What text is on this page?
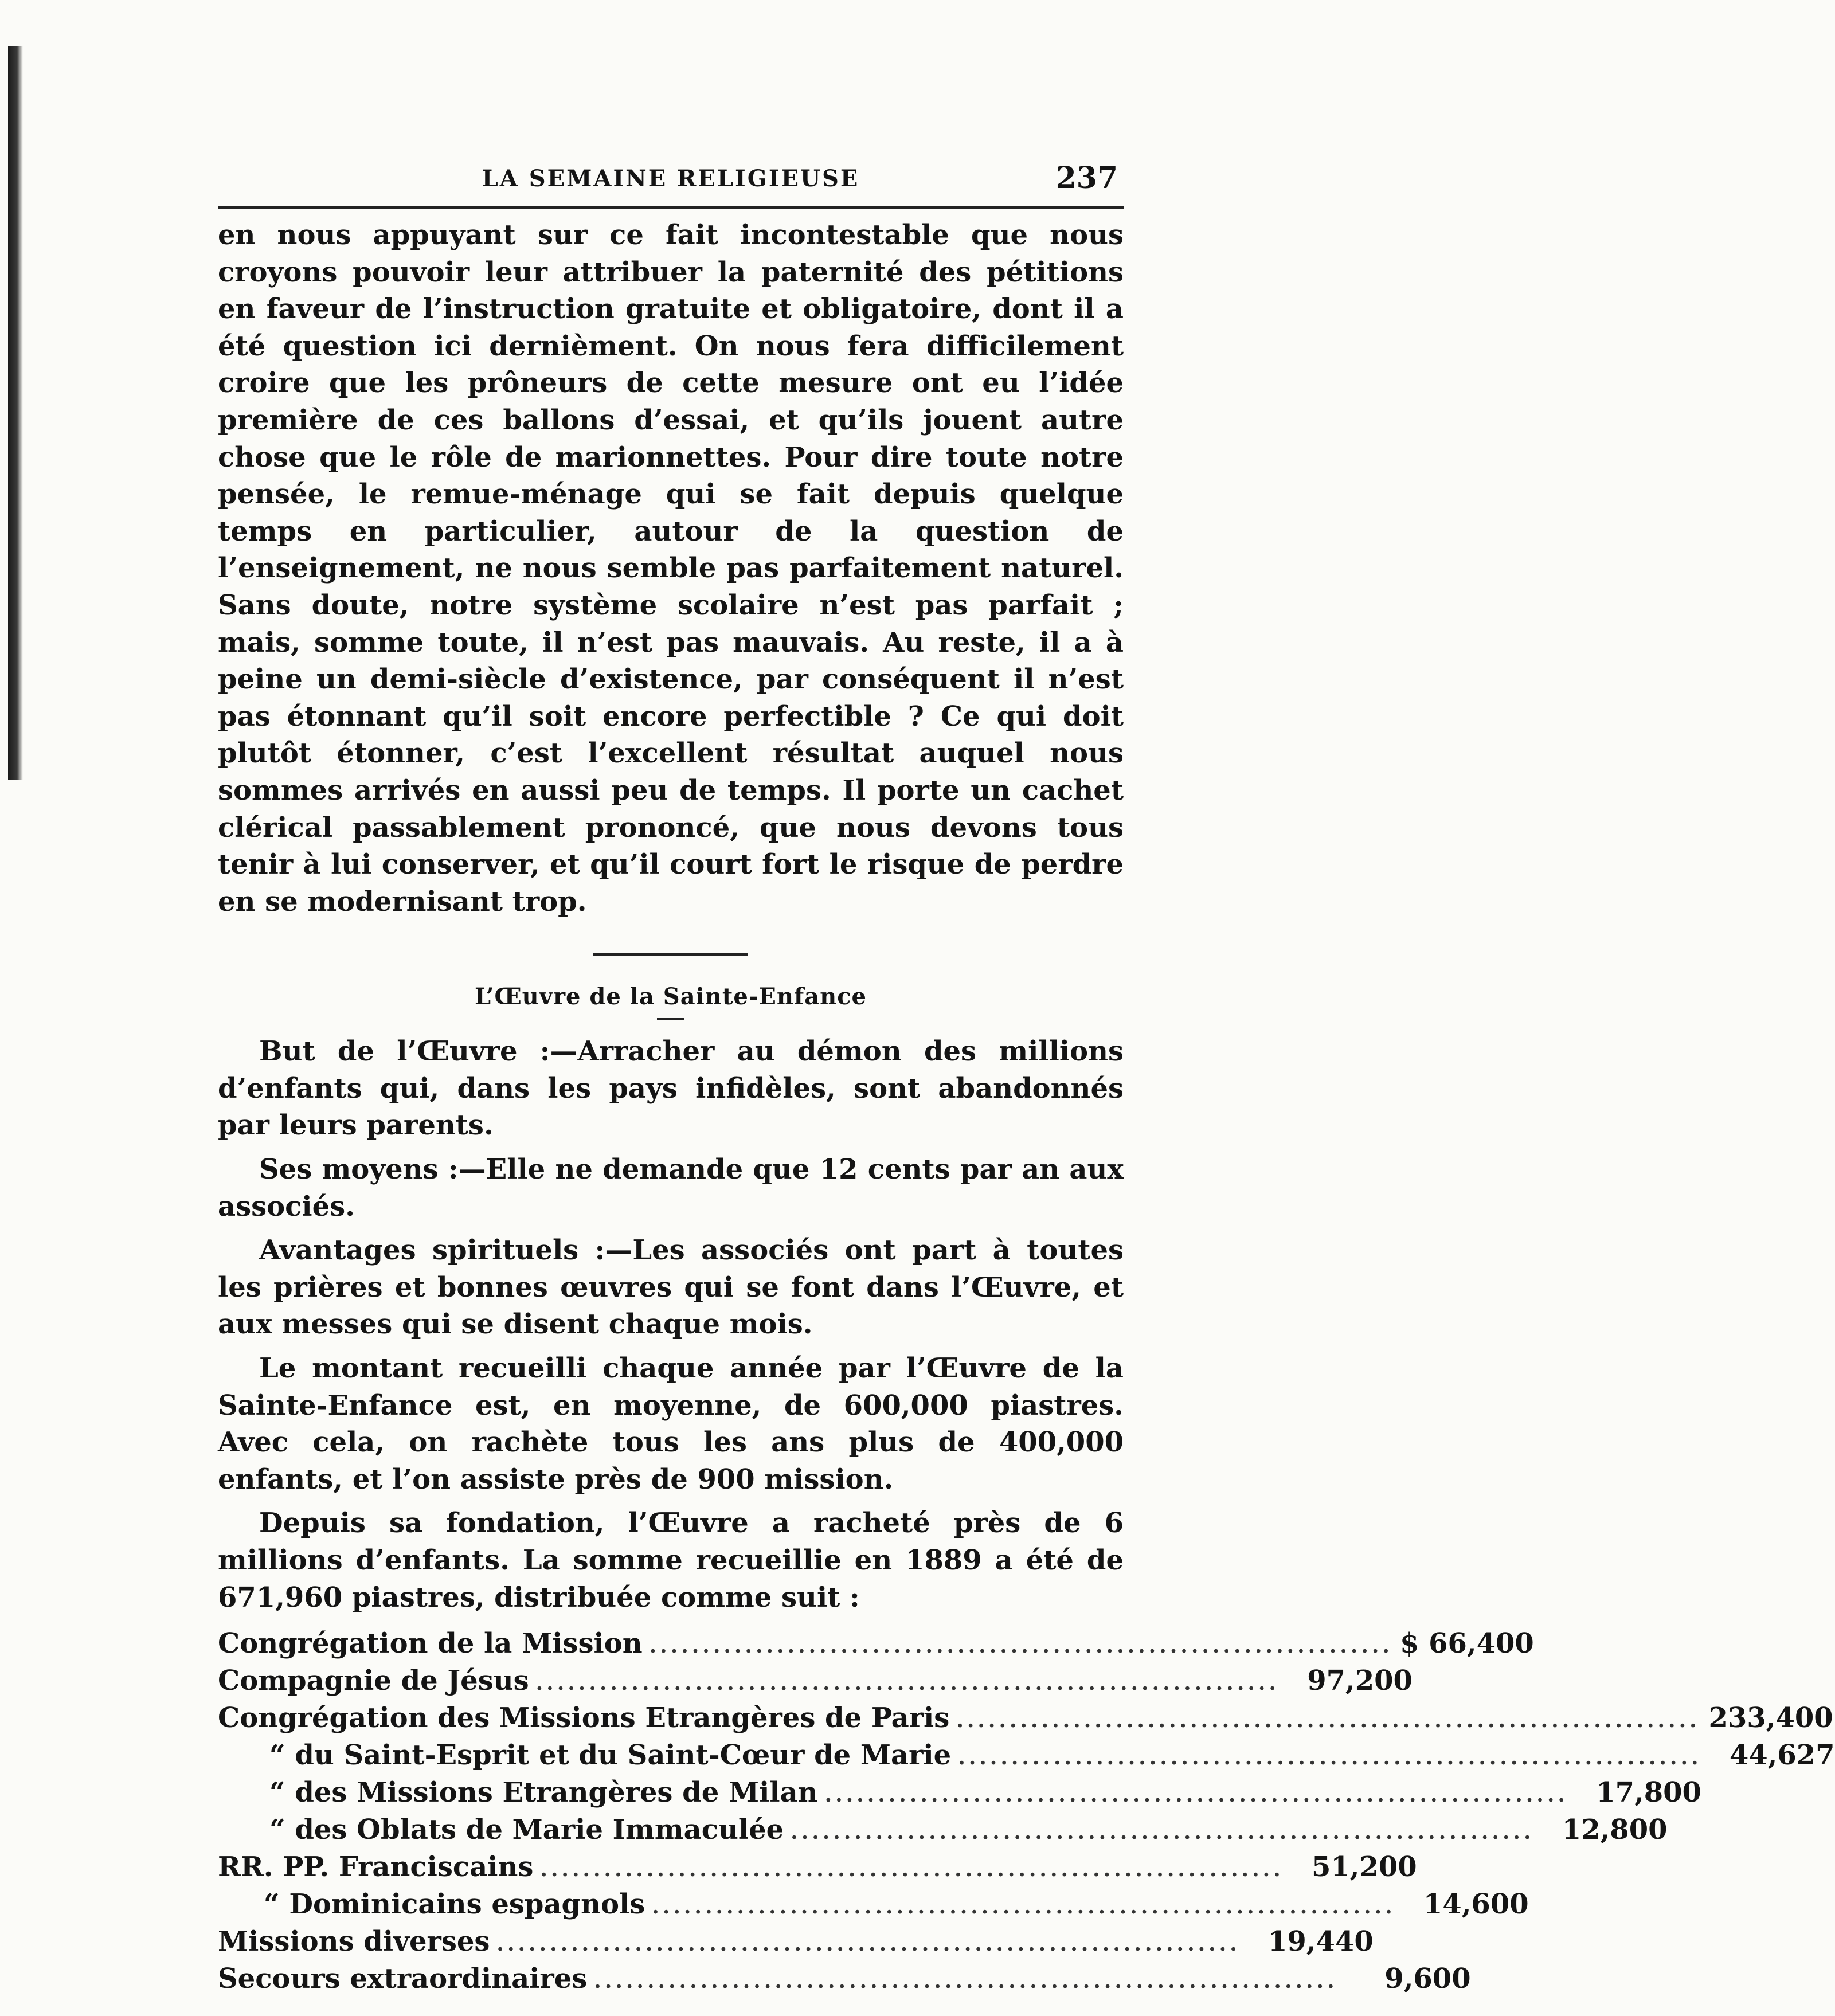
LA SEMAINE RELIGIEUSE	237

en nous appuyant sur ce fait incontestable que nous croyons pouvoir leur attribuer la paternité des pétitions en faveur de l’instruction gratuite et obligatoire, dont il a été question ici dernièment. On nous fera difficilement croire que les prôneurs de cette mesure ont eu l’idée première de ces ballons d’essai, et qu’ils jouent autre chose que le rôle de marionnettes. Pour dire toute notre pensée, le remue-ménage qui se fait depuis quelque temps en particulier, autour de la question de l’enseignement, ne nous semble pas parfaitement naturel. Sans doute, notre système scolaire n’est pas parfait ; mais, somme toute, il n’est pas mauvais. Au reste, il a à peine un demi-siècle d’existence, par conséquent il n’est pas étonnant qu’il soit encore perfectible ? Ce qui doit plutôt étonner, c’est l’excellent résultat auquel nous sommes arrivés en aussi peu de temps. Il porte un cachet clérical passablement prononcé, que nous devons tous tenir à lui conserver, et qu’il court fort le risque de perdre en se modernisant trop.

L’Œuvre de la Sainte-Enfance

But de l’Œuvre :—Arracher au démon des millions d’enfants qui, dans les pays infidèles, sont abandonnés par leurs parents.

Ses moyens :—Elle ne demande que 12 cents par an aux associés.

Avantages spirituels :—Les associés ont part à toutes les prières et bonnes œuvres qui se font dans l’Œuvre, et aux messes qui se disent chaque mois.

Le montant recueilli chaque année par l’Œuvre de la Sainte-Enfance est, en moyenne, de 600,000 piastres. Avec cela, on rachète tous les ans plus de 400,000 enfants, et l’on assiste près de 900 mission.

Depuis sa fondation, l’Œuvre a racheté près de 6 millions d’enfants. La somme recueillie en 1889 a été de 671,960 piastres, distribuée comme suit :

Congrégation de la Mission ...................................................................... $ 66,400
Compagnie de Jésus ......................................................................	97,200
Congrégation des Missions Etrangères de Paris ...................................................................... 233,400
“ du Saint-Esprit et du Saint-Cœur de Marie ......................................................................	44,627
“ des Missions Etrangères de Milan ......................................................................	17,800
“ des Oblats de Marie Immaculée ......................................................................	12,800
RR. PP. Franciscains ......................................................................	51,200
“ Dominicains espagnols ......................................................................	14,600
Missions diverses ......................................................................	19,440
Secours extraordinaires ......................................................................	9,600
